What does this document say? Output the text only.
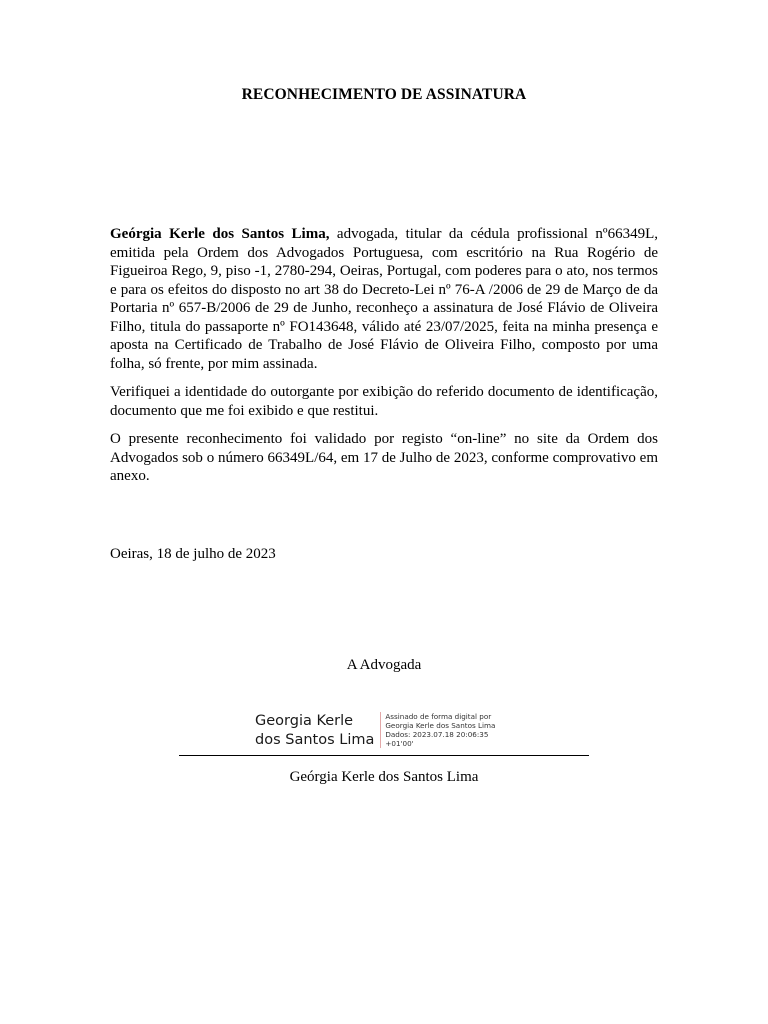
RECONHECIMENTO DE ASSINATURA

Geórgia Kerle dos Santos Lima, advogada, titular da cédula profissional nº66349L, emitida pela Ordem dos Advogados Portuguesa, com escritório na Rua Rogério de Figueiroa Rego, 9, piso -1, 2780-294, Oeiras, Portugal, com poderes para o ato, nos termos e para os efeitos do disposto no art 38 do Decreto-Lei nº 76-A /2006 de 29 de Março de da Portaria nº 657-B/2006 de 29 de Junho, reconheço a assinatura de José Flávio de Oliveira Filho, titula do passaporte nº FO143648, válido até 23/07/2025, feita na minha presença e aposta na Certificado de Trabalho de José Flávio de Oliveira Filho, composto por uma folha, só frente, por mim assinada.

Verifiquei a identidade do outorgante por exibição do referido documento de identificação, documento que me foi exibido e que restitui.

O presente reconhecimento foi validado por registo “on-line” no site da Ordem dos Advogados sob o número 66349L/64, em 17 de Julho de 2023, conforme comprovativo em anexo.

Oeiras, 18 de julho de 2023
A Advogada
Georgia Kerle
dos Santos Lima
Assinado de forma digital por
Georgia Kerle dos Santos Lima
Dados: 2023.07.18 20:06:35
+01'00'
Geórgia Kerle dos Santos Lima
